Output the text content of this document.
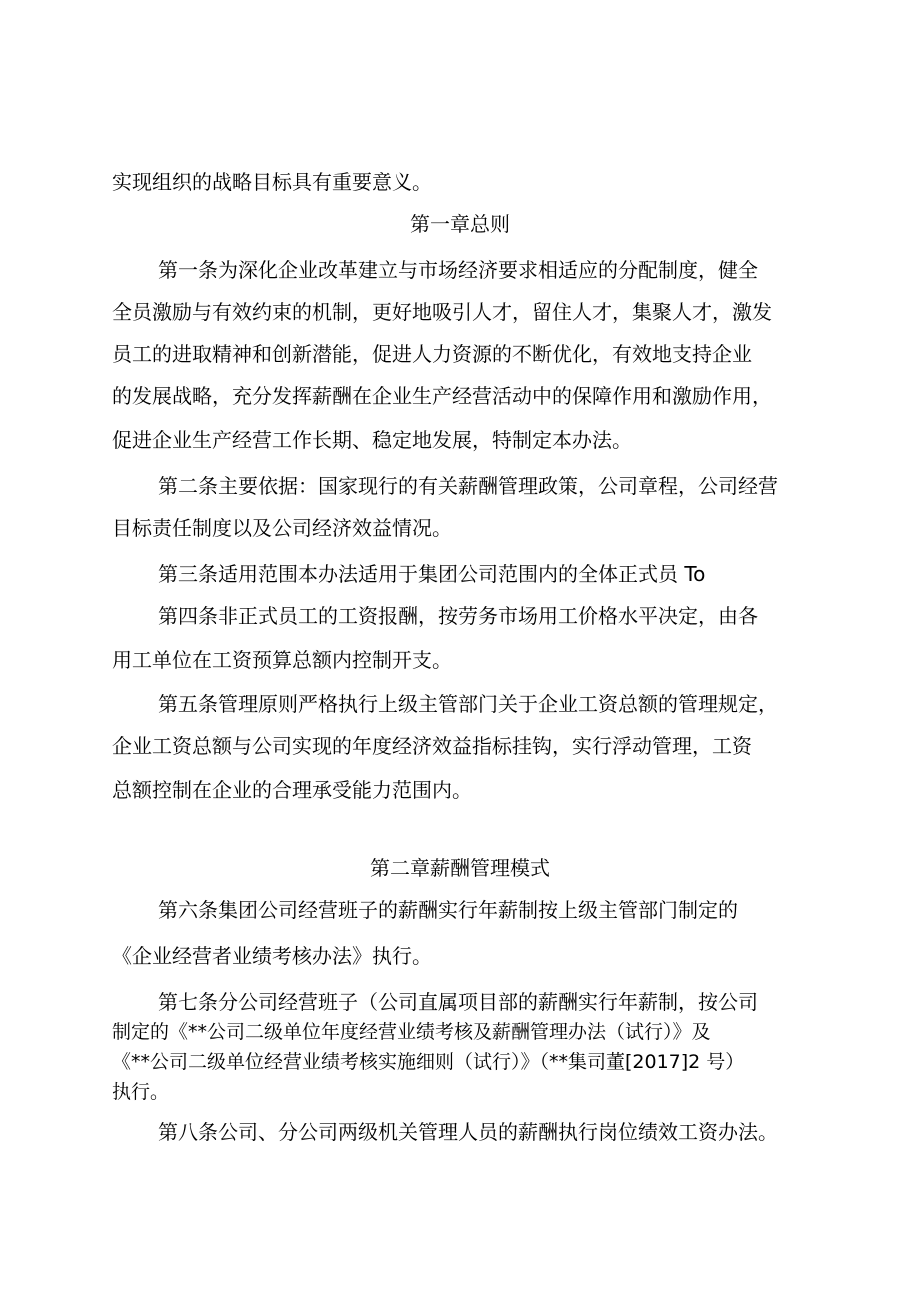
实现组织的战略目标具有重要意义。
第一章总则
第一条为深化企业改革建立与市场经济要求相适应的分配制度，健全
全员激励与有效约束的机制，更好地吸引人才，留住人才，集聚人才，激发
员工的进取精神和创新潜能，促进人力资源的不断优化，有效地支持企业
的发展战略，充分发挥薪酬在企业生产经营活动中的保障作用和激励作用，
促进企业生产经营工作长期、稳定地发展，特制定本办法。
第二条主要依据：国家现行的有关薪酬管理政策，公司章程，公司经营
目标责任制度以及公司经济效益情况。
第三条适用范围本办法适用于集团公司范围内的全体正式员 To
第四条非正式员工的工资报酬，按劳务市场用工价格水平决定，由各
用工单位在工资预算总额内控制开支。
第五条管理原则严格执行上级主管部门关于企业工资总额的管理规定，
企业工资总额与公司实现的年度经济效益指标挂钩，实行浮动管理，工资
总额控制在企业的合理承受能力范围内。
第二章薪酬管理模式
第六条集团公司经营班子的薪酬实行年薪制按上级主管部门制定的
《企业经营者业绩考核办法》执行。
第七条分公司经营班子（公司直属项目部的薪酬实行年薪制，按公司
制定的《**公司二级单位年度经营业绩考核及薪酬管理办法（试行）》及
《**公司二级单位经营业绩考核实施细则（试行）》（**集司董[2017]2 号）
执行。
第八条公司、分公司两级机关管理人员的薪酬执行岗位绩效工资办法。
